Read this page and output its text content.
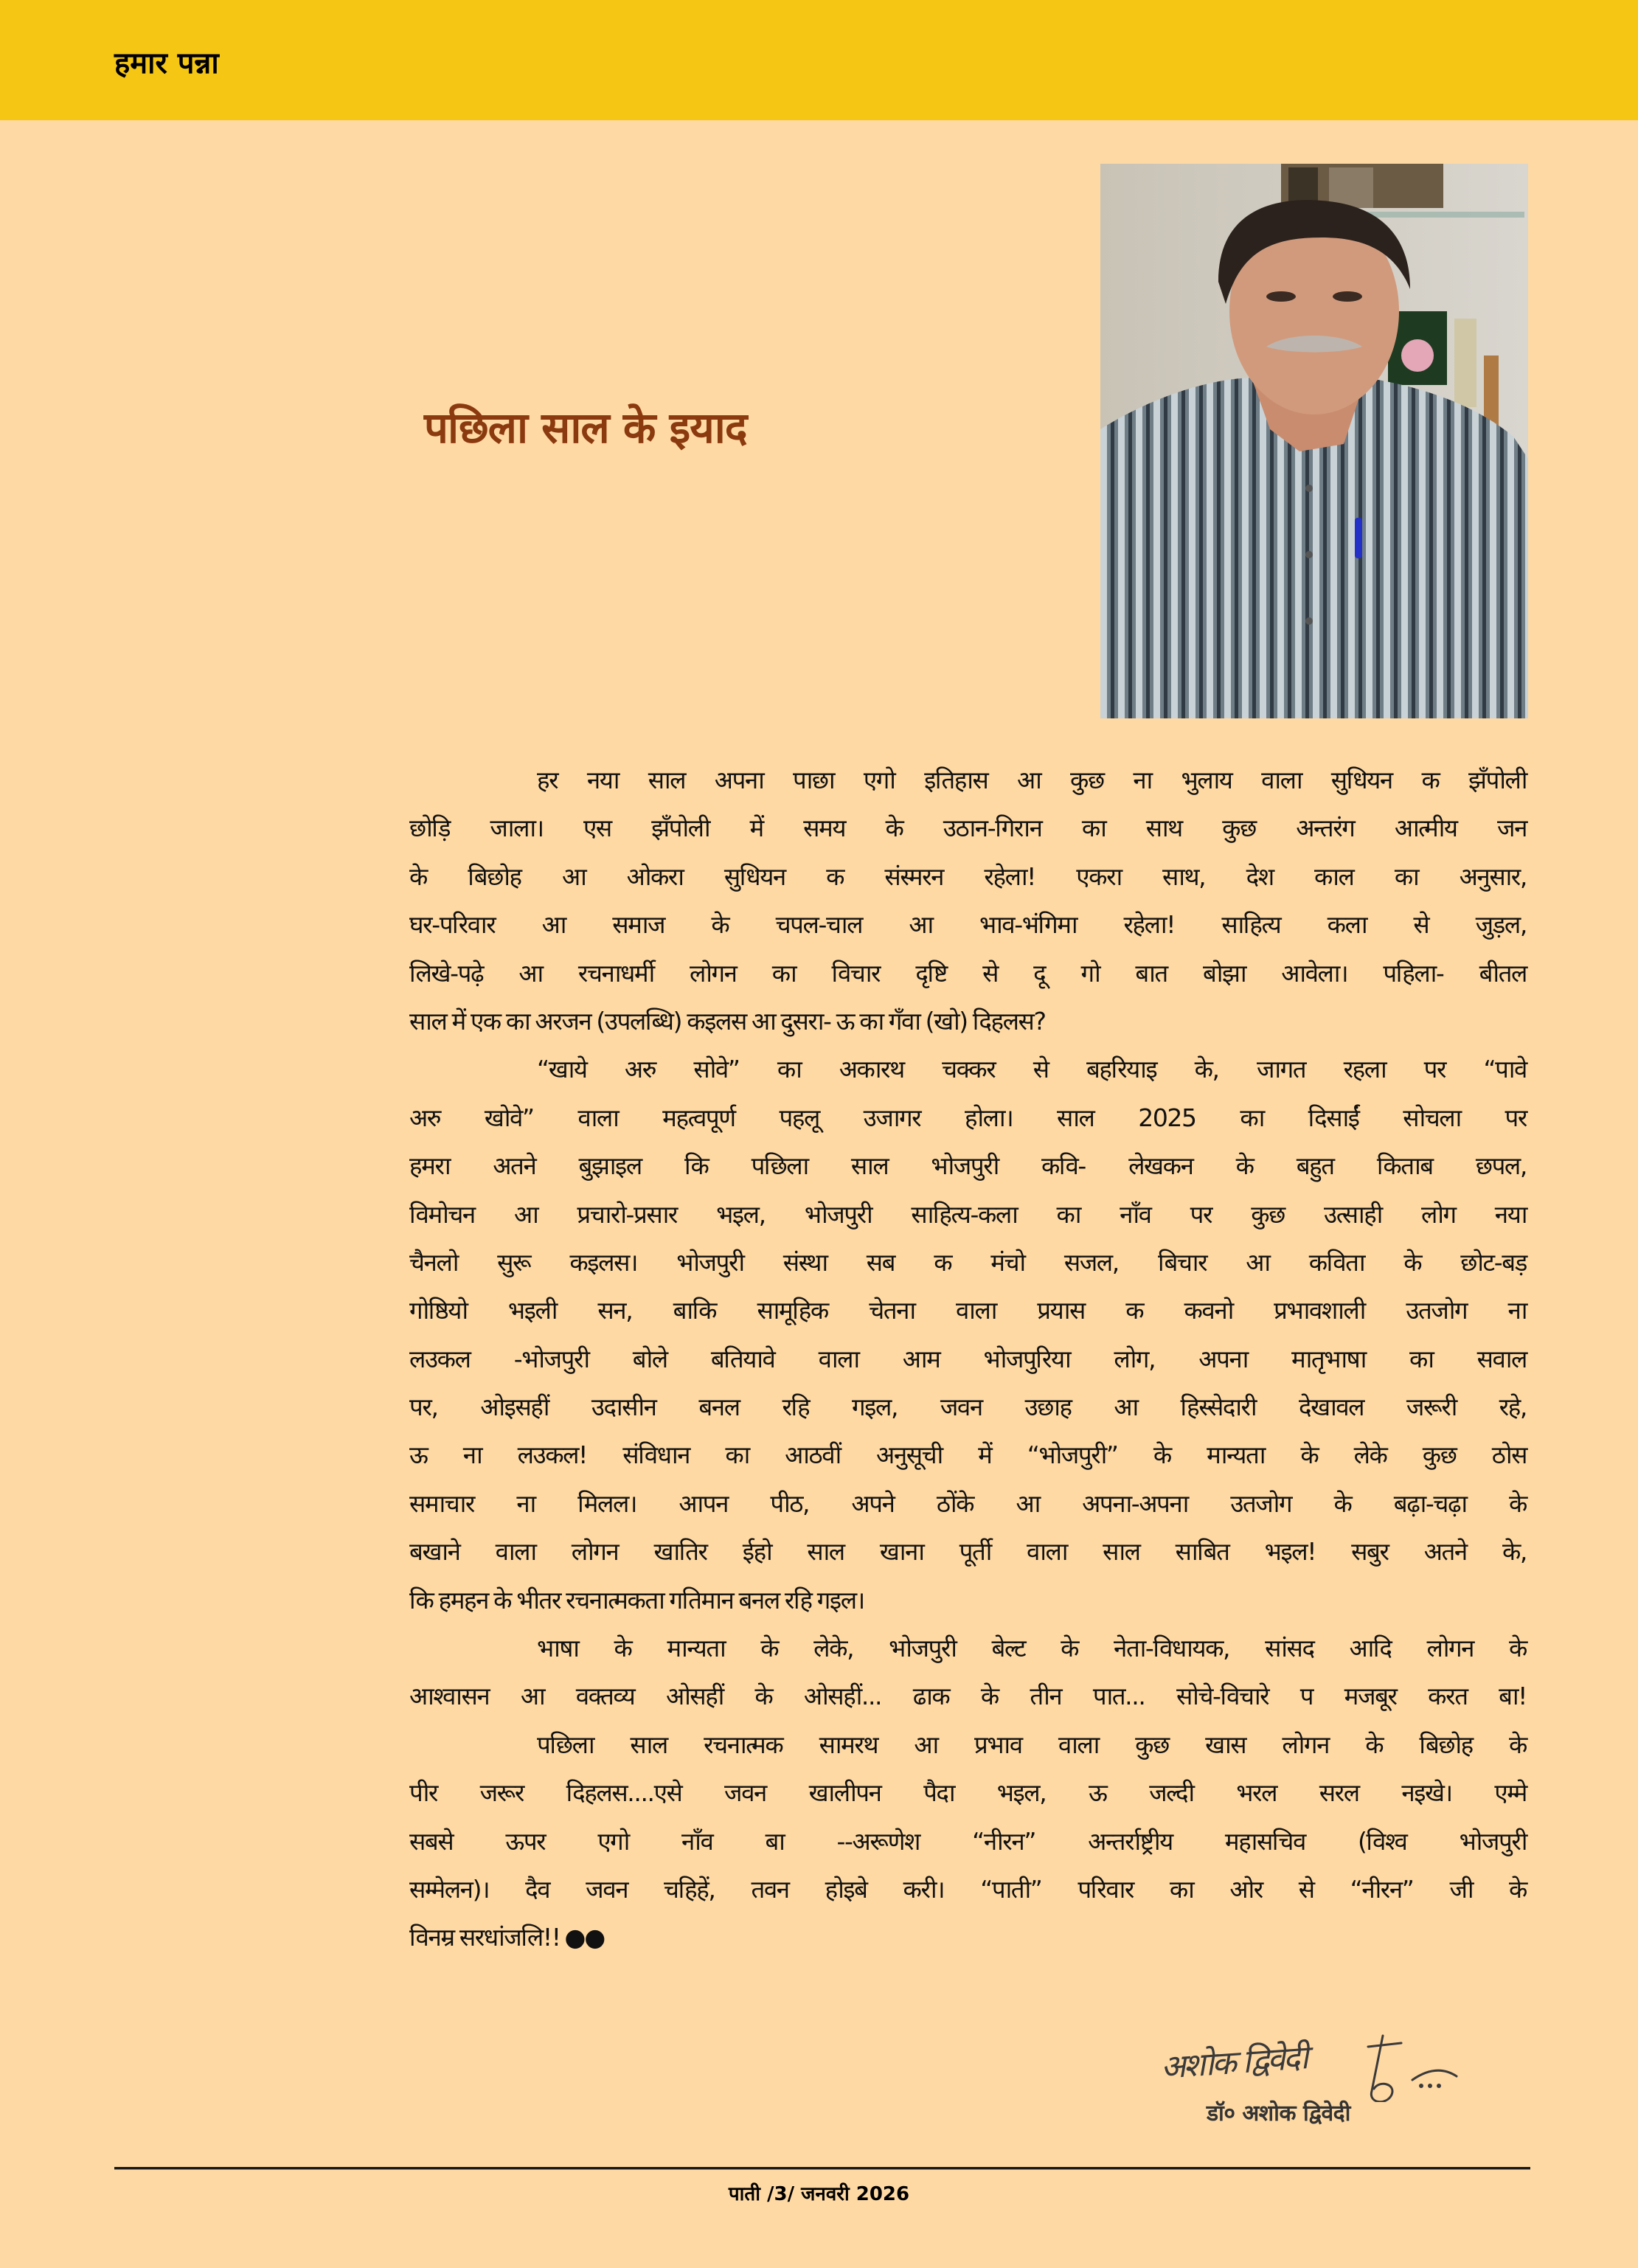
हमार पन्ना
पछिला साल के इयाद
हर नया साल अपना पाछा एगो इतिहास आ कुछ ना भुलाय वाला सुधियन क झँपोली
छोड़ि जाला। एस झँपोली में समय के उठान-गिरान का साथ कुछ अन्तरंग आत्मीय जन
के बिछोह आ ओकरा सुधियन क संस्मरन रहेला! एकरा साथ, देश काल का अनुसार,
घर-परिवार आ समाज के चपल-चाल आ भाव-भंगिमा रहेला! साहित्य कला से जुड़ल,
लिखे-पढ़े आ रचनाधर्मी लोगन का विचार दृष्टि से दू गो बात बोझा आवेला। पहिला- बीतल
साल में एक का अरजन (उपलब्धि) कइलस आ दुसरा- ऊ का गँवा (खो) दिहलस?
“खाये अरु सोवे” का अकारथ चक्कर से बहरियाइ के, जागत रहला पर “पावे
अरु खोवे” वाला महत्वपूर्ण पहलू उजागर होला। साल 2025 का दिसाईं सोचला पर
हमरा अतने बुझाइल कि पछिला साल भोजपुरी कवि- लेखकन के बहुत किताब छपल,
विमोचन आ प्रचारो-प्रसार भइल, भोजपुरी साहित्य-कला का नाँव पर कुछ उत्साही लोग नया
चैनलो सुरू कइलस। भोजपुरी संस्था सब क मंचो सजल, बिचार आ कविता के छोट-बड़
गोष्ठियो भइली सन, बाकि सामूहिक चेतना वाला प्रयास क कवनो प्रभावशाली उतजोग ना
लउकल -भोजपुरी बोले बतियावे वाला आम भोजपुरिया लोग, अपना मातृभाषा का सवाल
पर, ओइसहीं उदासीन बनल रहि गइल, जवन उछाह आ हिस्सेदारी देखावल जरूरी रहे,
ऊ ना लउकल! संविधान का आठवीं अनुसूची में “भोजपुरी” के मान्यता के लेके कुछ ठोस
समाचार ना मिलल। आपन पीठ, अपने ठोंके आ अपना-अपना उतजोग के बढ़ा-चढ़ा के
बखाने वाला लोगन खातिर ईहो साल खाना पूर्ती वाला साल साबित भइल! सबुर अतने के,
कि हमहन के भीतर रचनात्मकता गतिमान बनल रहि गइल।
भाषा के मान्यता के लेके, भोजपुरी बेल्ट के नेता-विधायक, सांसद आदि लोगन के
आश्वासन आ वक्तव्य ओसहीं के ओसहीं... ढाक के तीन पात... सोचे-विचारे प मजबूर करत बा!
पछिला साल रचनात्मक सामरथ आ प्रभाव वाला कुछ खास लोगन के बिछोह के
पीर जरूर दिहलस....एसे जवन खालीपन पैदा भइल, ऊ जल्दी भरल सरल नइखे। एम्मे
सबसे ऊपर एगो नाँव बा --अरूणेश “नीरन” अन्तर्राष्ट्रीय महासचिव (विश्व भोजपुरी
सम्मेलन)। दैव जवन चहिहें, तवन होइबे करी। “पाती” परिवार का ओर से “नीरन” जी के
विनम्र सरधांजलि!! ●●
अशोक द्विवेदी
डॉ० अशोक द्विवेदी
पाती /3/ जनवरी 2026
